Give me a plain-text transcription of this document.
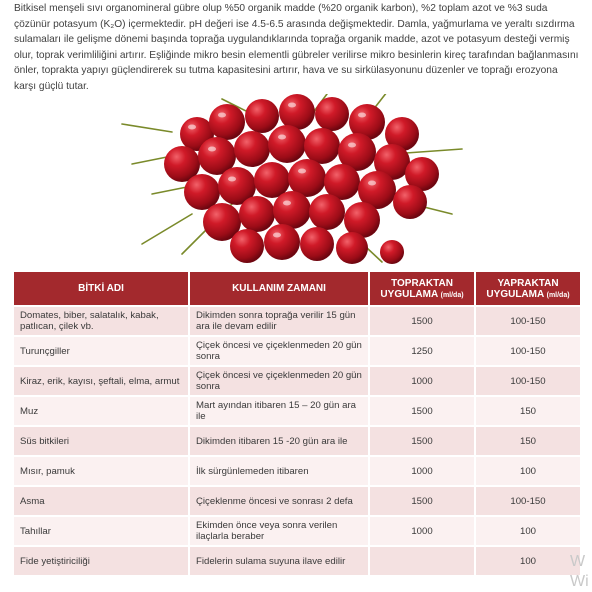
Bitkisel menşeli sıvı organomineral gübre olup %50 organik madde (%20 organik karbon), %2 toplam azot ve %3 suda çözünür potasyum (K₂O) içermektedir. pH değeri ise 4.5-6.5 arasında değişmektedir. Damla, yağmurlama ve yeraltı sızdırma sulamaları ile gelişme dönemi başında toprağa uygulandıklarında toprağa organik madde, azot ve potasyum desteği vermiş olur, toprak verimliliğini artırır. Eşliğinde mikro besin elementli gübreler verilirse mikro besinlerin kireç tarafından bağlanmasını önler, toprakta yapıyı güçlendirerek su tutma kapasitesini artırır, hava ve su sirkülasyonunu düzenler ve toprağı erozyona karşı güçlü tutar.

BİTKİ ADI	KULLANIM ZAMANI	TOPRAKTAN UYGULAMA (ml/da)	YAPRAKTAN UYGULAMA (ml/da)
Domates, biber, salatalık, kabak, patlıcan, çilek vb.	Dikimden sonra toprağa verilir 15 gün ara ile devam edilir	1500	100-150
Turunçgiller	Çiçek öncesi ve çiçeklenmeden 20 gün sonra	1250	100-150
Kiraz, erik, kayısı, şeftali, elma, armut	Çiçek öncesi ve çiçeklenmeden 20 gün sonra	1000	100-150
Muz	Mart ayından itibaren 15 – 20 gün ara ile	1500	150
Süs bitkileri	Dikimden itibaren 15 -20 gün ara ile	1500	150
Mısır, pamuk	İlk sürgünlemeden itibaren	1000	100
Asma	Çiçeklenme öncesi ve sonrası 2 defa	1500	100-150
Tahıllar	Ekimden önce veya sonra verilen ilaçlarla beraber	1000	100
Fide yetiştiriciliği	Fidelerin sulama suyuna ilave edilir		100 W
Wi
